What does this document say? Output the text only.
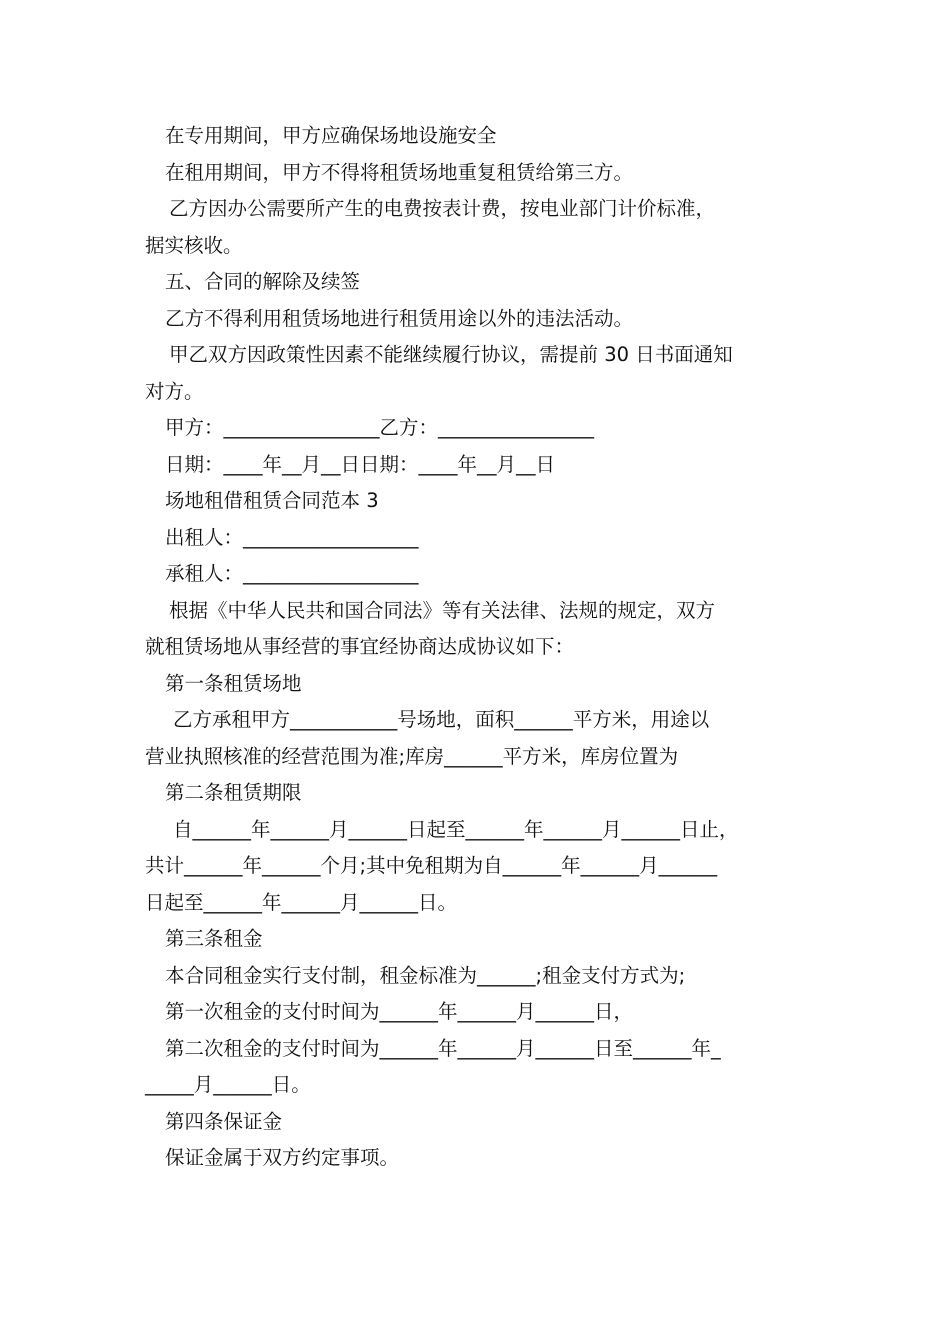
在专用期间，甲方应确保场地设施安全
在租用期间，甲方不得将租赁场地重复租赁给第三方。
乙方因办公需要所产生的电费按表计费，按电业部门计价标准，
据实核收。
五、合同的解除及续签
乙方不得利用租赁场地进行租赁用途以外的违法活动。
甲乙双方因政策性因素不能继续履行协议，需提前 30 日书面通知
对方。
甲方：________________乙方：________________
日期：____年__月__日日期：____年__月__日
场地租借租赁合同范本 3
出租人：__________________
承租人：__________________
根据《中华人民共和国合同法》等有关法律、法规的规定，双方
就租赁场地从事经营的事宜经协商达成协议如下：
第一条租赁场地
乙方承租甲方___________号场地，面积______平方米，用途以
营业执照核准的经营范围为准;库房______平方米，库房位置为
第二条租赁期限
自______年______月______日起至______年______月______日止，
共计______年______个月;其中免租期为自______年______月______
日起至______年______月______日。
第三条租金
本合同租金实行支付制，租金标准为______;租金支付方式为;
第一次租金的支付时间为______年______月______日，
第二次租金的支付时间为______年______月______日至______年_
_____月______日。
第四条保证金
保证金属于双方约定事项。
